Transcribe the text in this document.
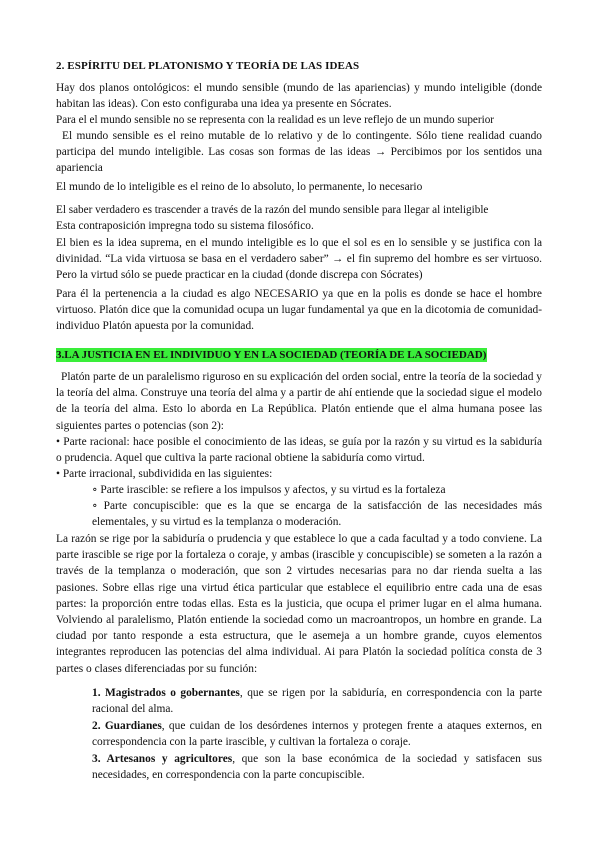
2. ESPÍRITU DEL PLATONISMO Y TEORÍA DE LAS IDEAS

Hay dos planos ontológicos: el mundo sensible (mundo de las apariencias) y mundo inteligible (donde habitan las ideas). Con esto configuraba una idea ya presente en Sócrates.

Para el el mundo sensible no se representa con la realidad es un leve reflejo de un mundo superior

El mundo sensible es el reino mutable de lo relativo y de lo contingente. Sólo tiene realidad cuando participa del mundo inteligible. Las cosas son formas de las ideas → Percibimos por los sentidos una apariencia

El mundo de lo inteligible es el reino de lo absoluto, lo permanente, lo necesario

El saber verdadero es trascender a través de la razón del mundo sensible para llegar al inteligible

Esta contraposición impregna todo su sistema filosófico.

El bien es la idea suprema, en el mundo inteligible es lo que el sol es en lo sensible y se justifica con la divinidad. “La vida virtuosa se basa en el verdadero saber” → el fin supremo del hombre es ser virtuoso. Pero la virtud sólo se puede practicar en la ciudad (donde discrepa con Sócrates)

Para él la pertenencia a la ciudad es algo NECESARIO ya que en la polis es donde se hace el hombre virtuoso. Platón dice que la comunidad ocupa un lugar fundamental ya que en la dicotomia de comunidad-individuo Platón apuesta por la comunidad.

3.LA JUSTICIA EN EL INDIVIDUO Y EN LA SOCIEDAD (TEORÍA DE LA SOCIEDAD)

Platón parte de un paralelismo riguroso en su explicación del orden social, entre la teoría de la sociedad y la teoría del alma. Construye una teoría del alma y a partir de ahí entiende que la sociedad sigue el modelo de la teoría del alma. Esto lo aborda en La República. Platón entiende que el alma humana posee las siguientes partes o potencias (son 2):

• Parte racional: hace posible el conocimiento de las ideas, se guía por la razón y su virtud es la sabiduría o prudencia. Aquel que cultiva la parte racional obtiene la sabiduría como virtud.

• Parte irracional, subdividida en las siguientes:

∘ Parte irascible: se refiere a los impulsos y afectos, y su virtud es la fortaleza

∘ Parte concupiscible: que es la que se encarga de la satisfacción de las necesidades más elementales, y su virtud es la templanza o moderación.

La razón se rige por la sabiduría o prudencia y que establece lo que a cada facultad y a todo conviene. La parte irascible se rige por la fortaleza o coraje, y ambas (irascible y concupiscible) se someten a la razón a través de la templanza o moderación, que son 2 virtudes necesarias para no dar rienda suelta a las pasiones. Sobre ellas rige una virtud ética particular que establece el equilibrio entre cada una de esas partes: la proporción entre todas ellas. Esta es la justicia, que ocupa el primer lugar en el alma humana. Volviendo al paralelismo, Platón entiende la sociedad como un macroantropos, un hombre en grande. La ciudad por tanto responde a esta estructura, que le asemeja a un hombre grande, cuyos elementos integrantes reproducen las potencias del alma individual. Ai para Platón la sociedad política consta de 3 partes o clases diferenciadas por su función:

1. Magistrados o gobernantes, que se rigen por la sabiduría, en correspondencia con la parte racional del alma.

2. Guardianes, que cuidan de los desórdenes internos y protegen frente a ataques externos, en correspondencia con la parte irascible, y cultivan la fortaleza o coraje.

3. Artesanos y agricultores, que son la base económica de la sociedad y satisfacen sus necesidades, en correspondencia con la parte concupiscible.
